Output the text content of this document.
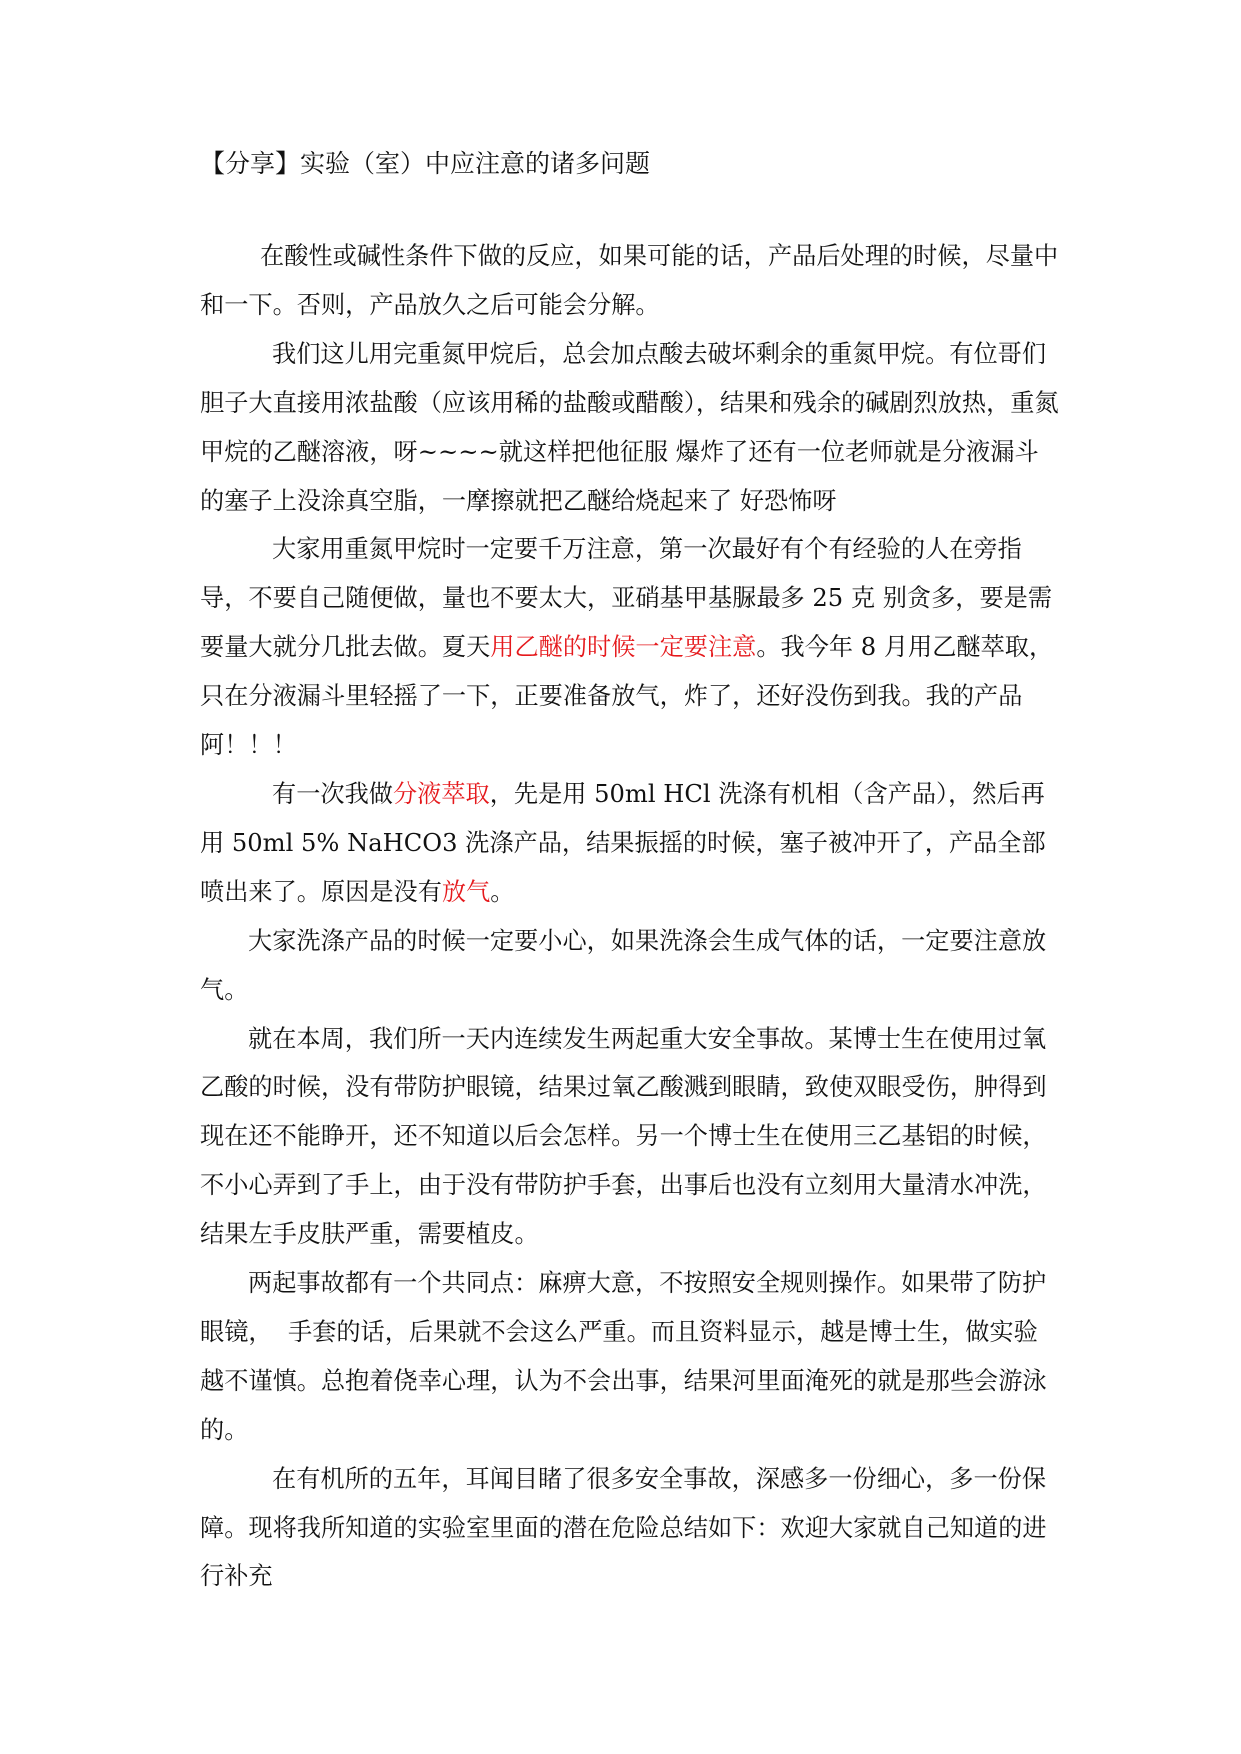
【分享】实验（室）中应注意的诸多问题

在酸性或碱性条件下做的反应，如果可能的话，产品后处理的时候，尽量中和一下。否则，产品放久之后可能会分解。

我们这儿用完重氮甲烷后，总会加点酸去破坏剩余的重氮甲烷。有位哥们胆子大直接用浓盐酸（应该用稀的盐酸或醋酸），结果和残余的碱剧烈放热，重氮甲烷的乙醚溶液，呀~~~~就这样把他征服 爆炸了还有一位老师就是分液漏斗的塞子上没涂真空脂，一摩擦就把乙醚给烧起来了 好恐怖呀

大家用重氮甲烷时一定要千万注意，第一次最好有个有经验的人在旁指导，不要自己随便做，量也不要太大，亚硝基甲基脲最多 25 克 别贪多，要是需要量大就分几批去做。夏天用乙醚的时候一定要注意。我今年 8 月用乙醚萃取，只在分液漏斗里轻摇了一下，正要准备放气，炸了，还好没伤到我。我的产品阿！！！

有一次我做分液萃取，先是用 50ml HCl 洗涤有机相（含产品），然后再用 50ml 5% NaHCO3 洗涤产品，结果振摇的时候，塞子被冲开了，产品全部喷出来了。原因是没有放气。

大家洗涤产品的时候一定要小心，如果洗涤会生成气体的话，一定要注意放气。

就在本周，我们所一天内连续发生两起重大安全事故。某博士生在使用过氧乙酸的时候，没有带防护眼镜，结果过氧乙酸溅到眼睛，致使双眼受伤，肿得到现在还不能睁开，还不知道以后会怎样。另一个博士生在使用三乙基铝的时候，不小心弄到了手上，由于没有带防护手套，出事后也没有立刻用大量清水冲洗，结果左手皮肤严重，需要植皮。

两起事故都有一个共同点：麻痹大意，不按照安全规则操作。如果带了防护眼镜，  手套的话，后果就不会这么严重。而且资料显示，越是博士生，做实验越不谨慎。总抱着侥幸心理，认为不会出事，结果河里面淹死的就是那些会游泳的。

在有机所的五年，耳闻目睹了很多安全事故，深感多一份细心，多一份保障。现将我所知道的实验室里面的潜在危险总结如下：欢迎大家就自己知道的进行补充
